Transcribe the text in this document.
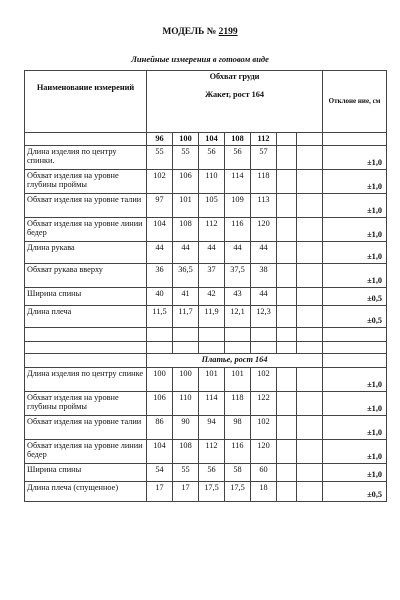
МОДЕЛЬ № 2199
Линейные измерения в готовом виде
Наименование измерений	Обхват груди
Жакет, рост 164							Отклоне ние, см
	96	100	104	108	112			
Длина изделия по центру спинки.	55	55	56	56	57			±1,0
Обхват изделия на уровне глубины проймы	102	106	110	114	118			±1,0
Обхват изделия на уровне талии	97	101	105	109	113			±1,0
Обхват изделия на уровне линии бедер	104	108	112	116	120			±1,0
Длина рукава	44	44	44	44	44			±1,0
Обхват рукава вверху	36	36,5	37	37,5	38			±1,0
Ширина спины	40	41	42	43	44			±0,5
Длина плеча	11,5	11,7	11,9	12,1	12,3			±0,5

	Платье, рост 164							
Длина изделия по центру спинке	100	100	101	101	102			±1,0
Обхват изделия на уровне глубины проймы	106	110	114	118	122			±1,0
Обхват изделия на уровне талии	86	90	94	98	102			±1,0
Обхват изделия на уровне линии бедер	104	108	112	116	120			±1,0
Ширина спины	54	55	56	58	60			±1,0
Длина плеча (спущенное)	17	17	17,5	17,5	18			±0,5
